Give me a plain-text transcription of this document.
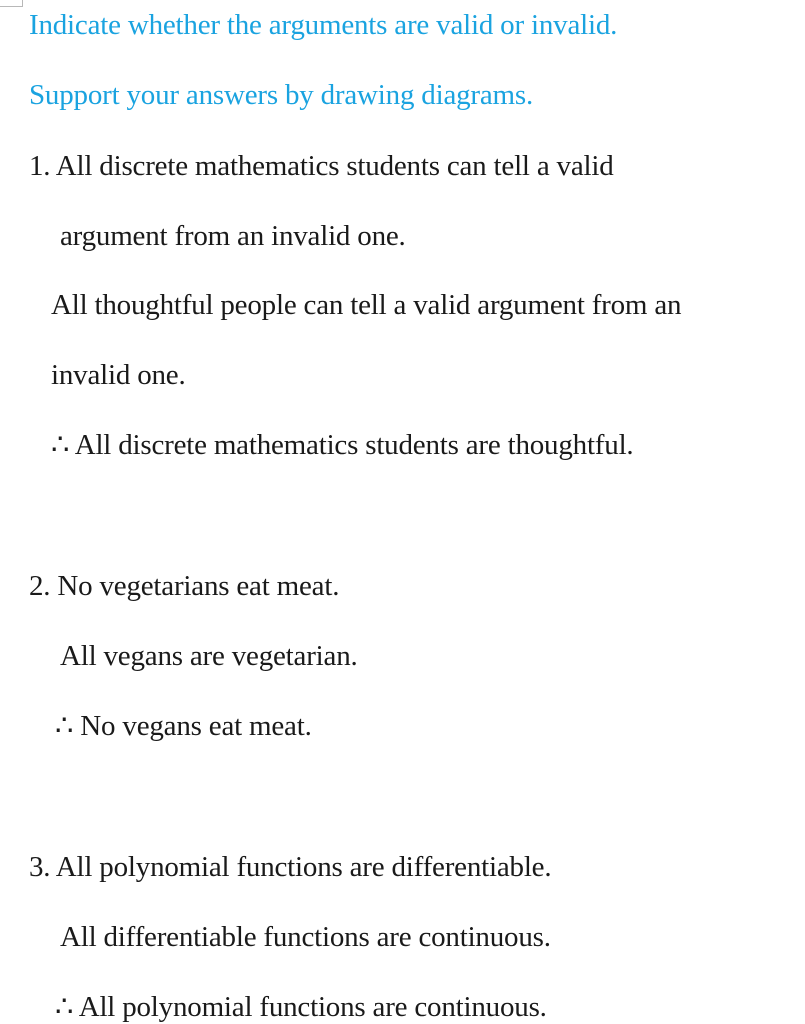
Indicate whether the arguments are valid or invalid.
Support your answers by drawing diagrams.
1. All discrete mathematics students can tell a valid
argument from an invalid one.
All thoughtful people can tell a valid argument from an
invalid one.
∴ All discrete mathematics students are thoughtful.
2. No vegetarians eat meat.
All vegans are vegetarian.
∴ No vegans eat meat.
3. All polynomial functions are differentiable.
All differentiable functions are continuous.
∴ All polynomial functions are continuous.
